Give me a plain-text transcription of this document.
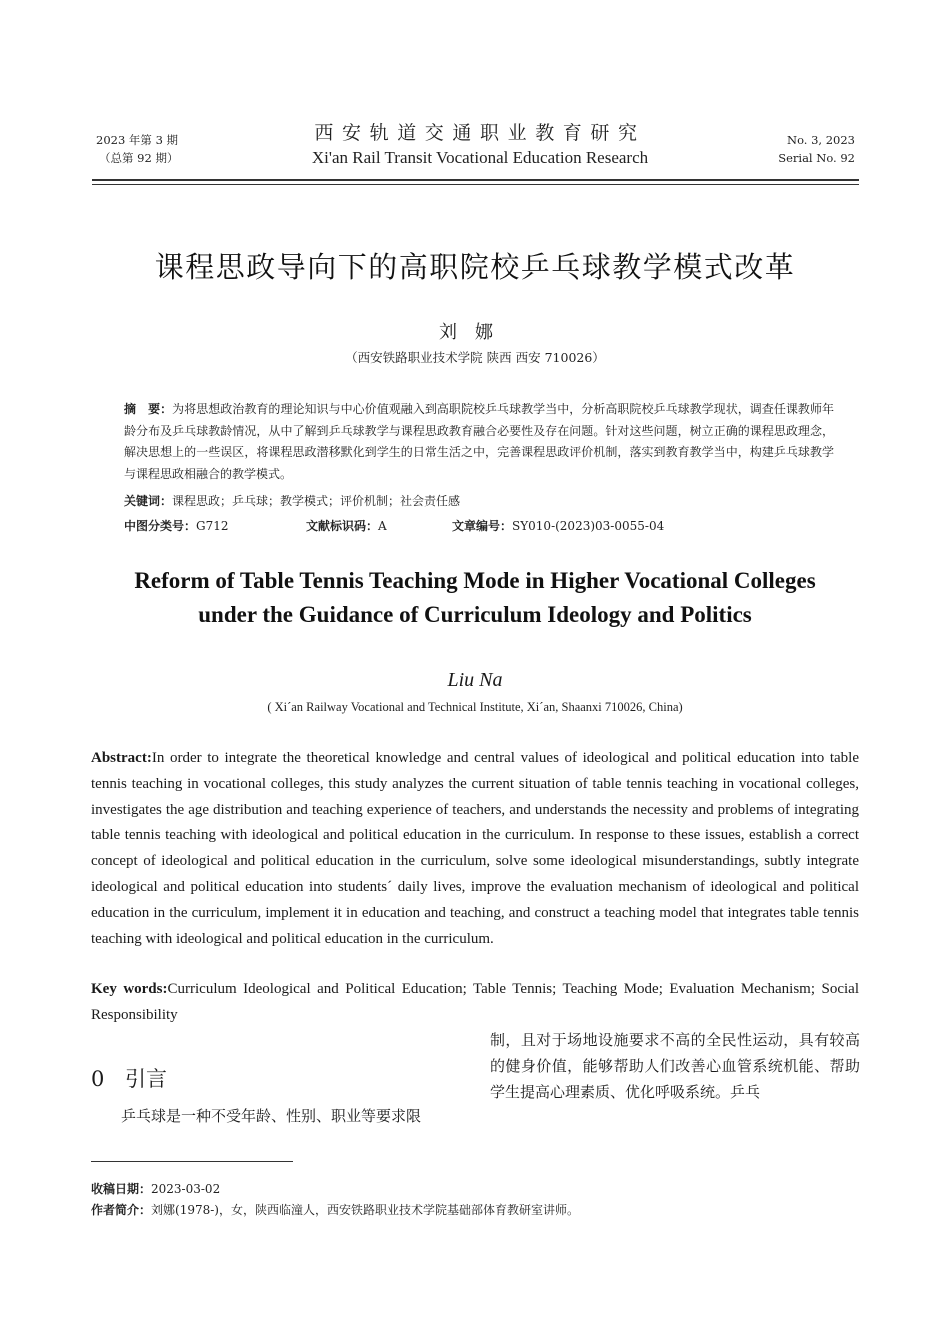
2023 年第 3 期
（总第 92 期）
西安轨道交通职业教育研究
Xi'an Rail Transit Vocational Education Research
No. 3, 2023
Serial No. 92
课程思政导向下的高职院校乒乓球教学模式改革
刘娜
（西安铁路职业技术学院 陕西 西安 710026）
摘　要：为将思想政治教育的理论知识与中心价值观融入到高职院校乒乓球教学当中，分析高职院校乒乓球教学现状，调查任课教师年龄分布及乒乓球教龄情况，从中了解到乒乓球教学与课程思政教育融合必要性及存在问题。针对这些问题，树立正确的课程思政理念，解决思想上的一些误区，将课程思政潜移默化到学生的日常生活之中，完善课程思政评价机制，落实到教育教学当中，构建乒乓球教学与课程思政相融合的教学模式。
关键词：课程思政；乒乓球；教学模式；评价机制；社会责任感
中图分类号：G712	文献标识码：A	文章编号：SY010-(2023)03-0055-04
Reform of Table Tennis Teaching Mode in Higher Vocational Colleges
under the Guidance of Curriculum Ideology and Politics
Liu Na
( Xi´an Railway Vocational and Technical Institute, Xi´an, Shaanxi 710026, China)
Abstract:In order to integrate the theoretical knowledge and central values of ideological and political education into table tennis teaching in vocational colleges, this study analyzes the current situation of table tennis teaching in vocational colleges, investigates the age distribution and teaching experience of teachers, and understands the necessity and problems of integrating table tennis teaching with ideological and political education in the curriculum. In response to these issues, establish a correct concept of ideological and political education in the curriculum, solve some ideological misunderstandings, subtly integrate ideological and political education into students´ daily lives, improve the evaluation mechanism of ideological and political education in the curriculum, implement it in education and teaching, and construct a teaching model that integrates table tennis teaching with ideological and political education in the curriculum.
Key words:Curriculum Ideological and Political Education; Table Tennis; Teaching Mode; Evaluation Mechanism; Social Responsibility
0 引言
乒乓球是一种不受年龄、性别、职业等要求限
制，且对于场地设施要求不高的全民性运动，具有较高的健身价值，能够帮助人们改善心血管系统机能、帮助学生提高心理素质、优化呼吸系统。乒乓
收稿日期：2023-03-02
作者简介：刘娜(1978-)，女，陕西临潼人，西安铁路职业技术学院基础部体育教研室讲师。
